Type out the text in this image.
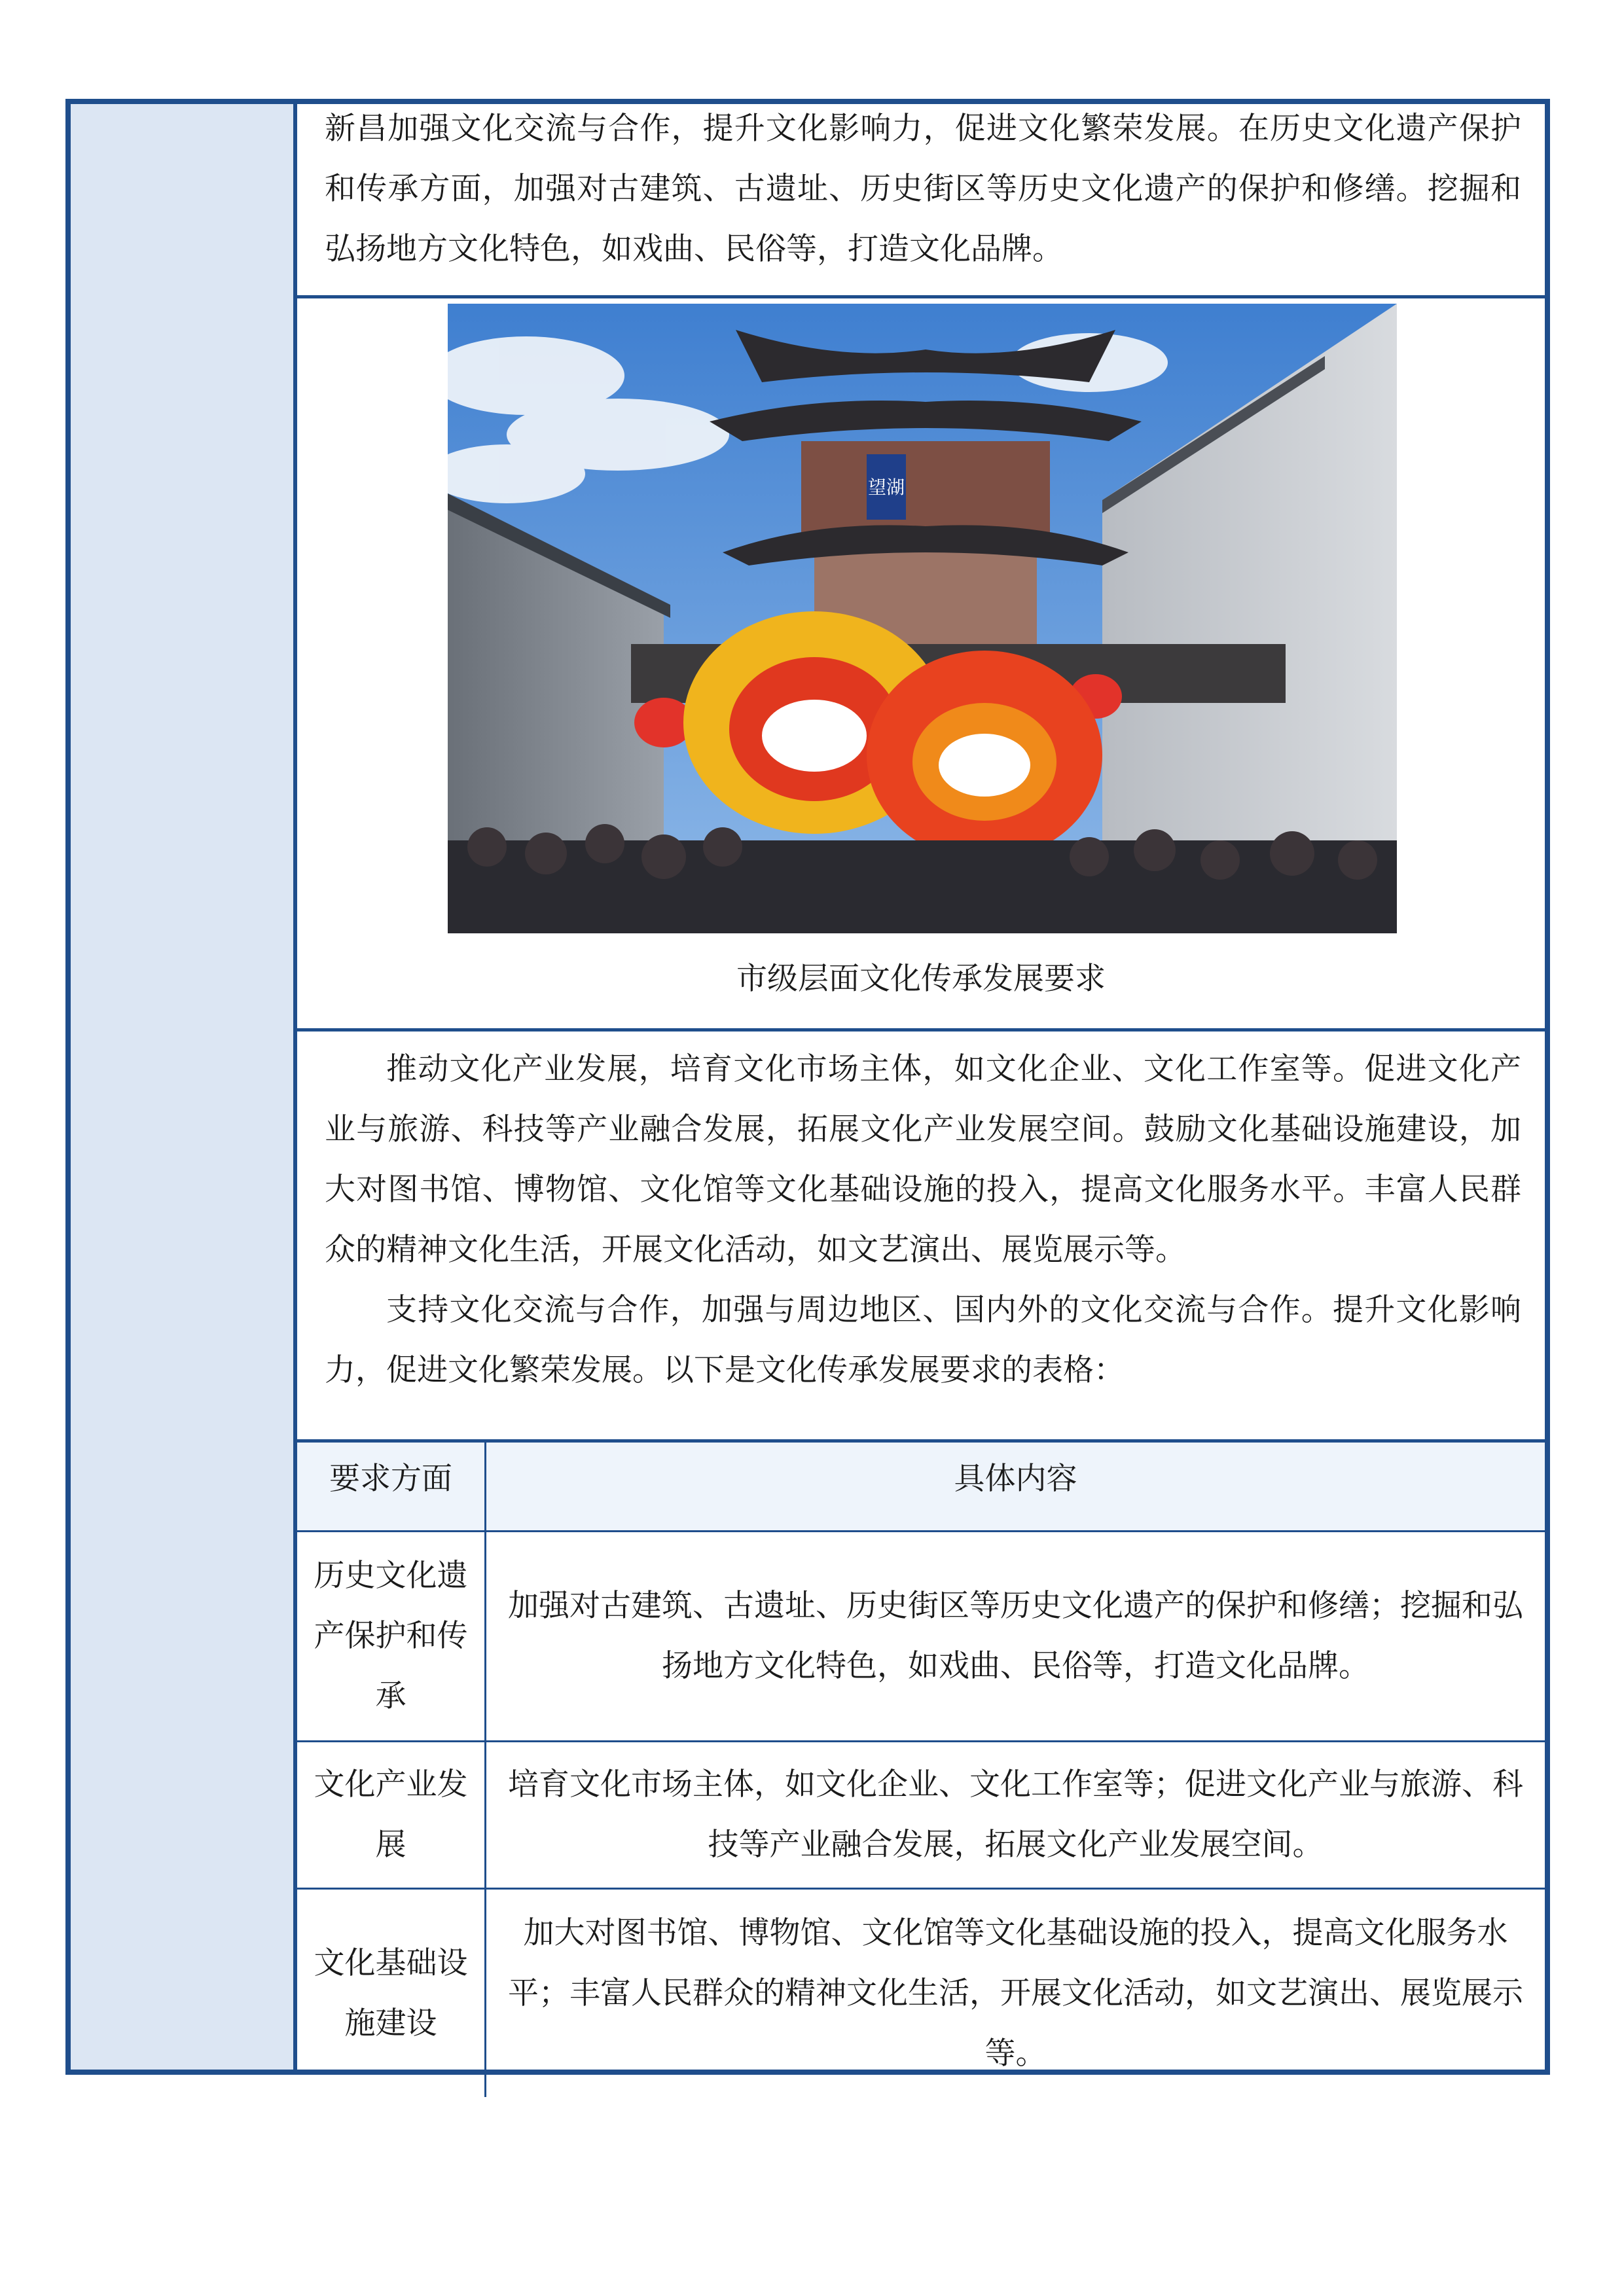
新昌加强文化交流与合作，提升文化影响力，促进文化繁荣发展。在历史文化遗产保护和传承方面，加强对古建筑、古遗址、历史街区等历史文化遗产的保护和修缮。挖掘和弘扬地方文化特色，如戏曲、民俗等，打造文化品牌。

望湖
市级层面文化传承发展要求

推动文化产业发展，培育文化市场主体，如文化企业、文化工作室等。促进文化产业与旅游、科技等产业融合发展，拓展文化产业发展空间。鼓励文化基础设施建设，加大对图书馆、博物馆、文化馆等文化基础设施的投入，提高文化服务水平。丰富人民群众的精神文化生活，开展文化活动，如文艺演出、展览展示等。

支持文化交流与合作，加强与周边地区、国内外的文化交流与合作。提升文化影响力，促进文化繁荣发展。以下是文化传承发展要求的表格：

要求方面	具体内容
历史文化遗产保护和传承	加强对古建筑、古遗址、历史街区等历史文化遗产的保护和修缮；挖掘和弘扬地方文化特色，如戏曲、民俗等，打造文化品牌。
文化产业发展	培育文化市场主体，如文化企业、文化工作室等；促进文化产业与旅游、科技等产业融合发展，拓展文化产业发展空间。
文化基础设施建设	加大对图书馆、博物馆、文化馆等文化基础设施的投入，提高文化服务水平；丰富人民群众的精神文化生活，开展文化活动，如文艺演出、展览展示等。
